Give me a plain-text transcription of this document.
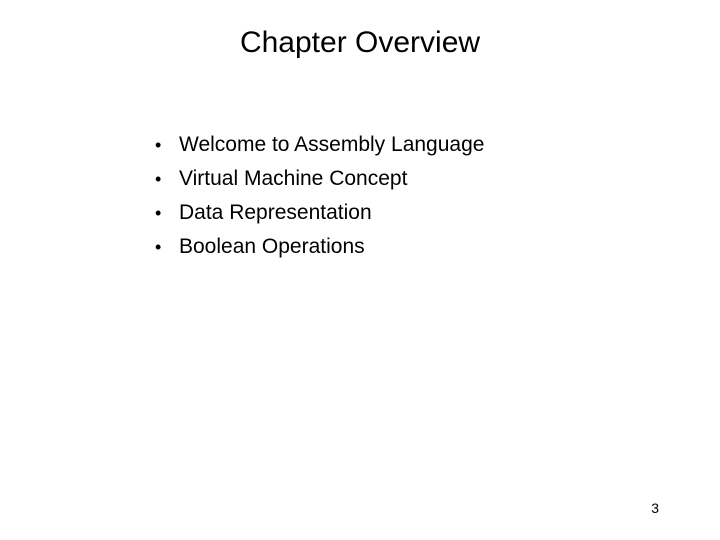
Chapter Overview
• Welcome to Assembly Language
• Virtual Machine Concept
• Data Representation
• Boolean Operations
3
